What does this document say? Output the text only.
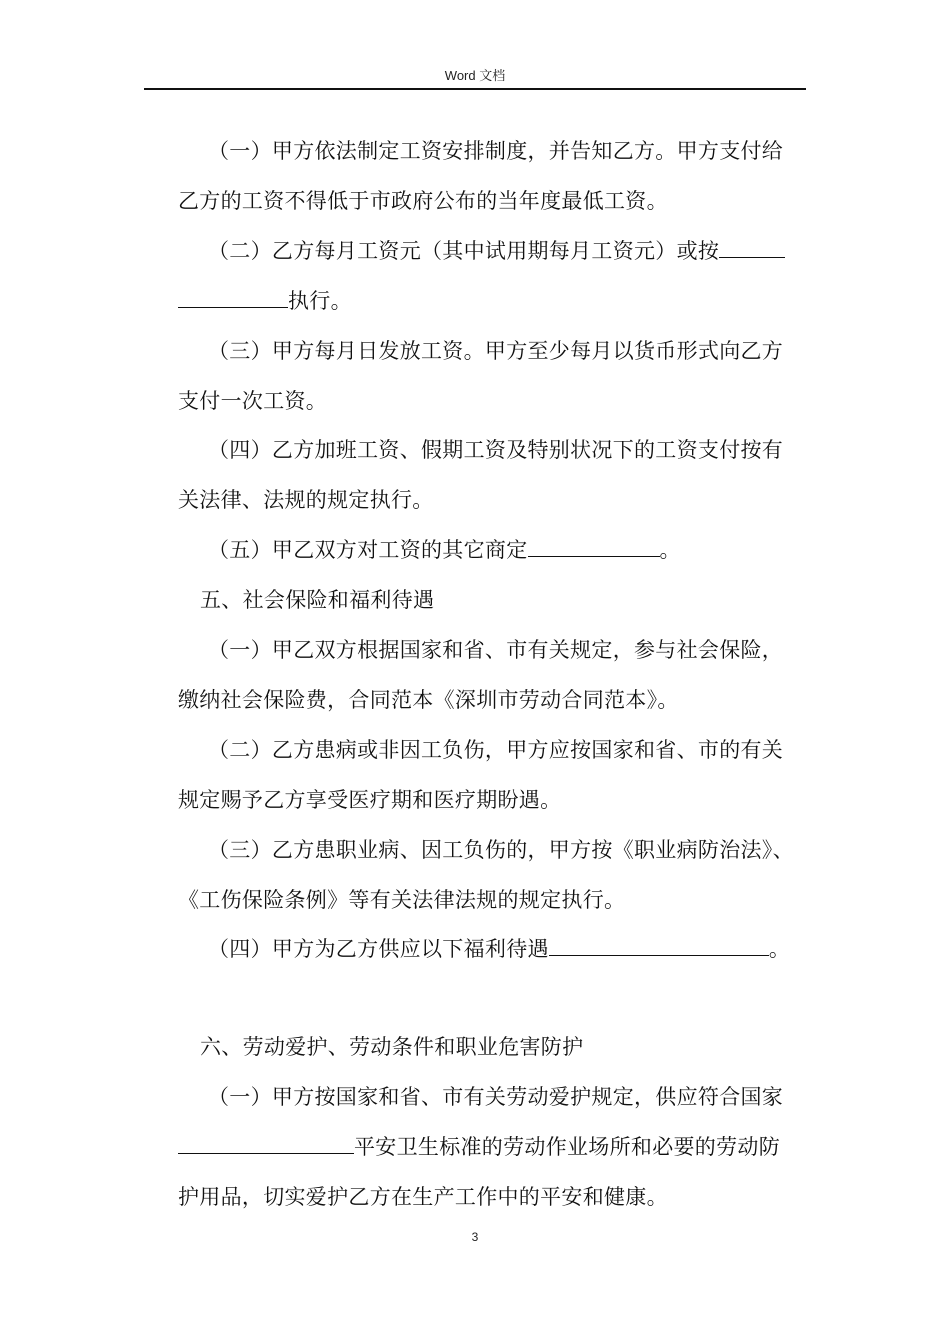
Word 文档
（一）甲方依法制定工资安排制度，并告知乙方。甲方支付给
乙方的工资不得低于市政府公布的当年度最低工资。
（二）乙方每月工资元（其中试用期每月工资元）或按
执行。
（三）甲方每月日发放工资。甲方至少每月以货币形式向乙方
支付一次工资。
（四）乙方加班工资、假期工资及特别状况下的工资支付按有
关法律、法规的规定执行。
（五）甲乙双方对工资的其它商定	。
五、社会保险和福利待遇
（一）甲乙双方根据国家和省、市有关规定，参与社会保险，
缴纳社会保险费，合同范本《深圳市劳动合同范本》。
（二）乙方患病或非因工负伤，甲方应按国家和省、市的有关
规定赐予乙方享受医疗期和医疗期盼遇。
（三）乙方患职业病、因工负伤的，甲方按《职业病防治法》、
《工伤保险条例》等有关法律法规的规定执行。
（四）甲方为乙方供应以下福利待遇	。
六、劳动爱护、劳动条件和职业危害防护
（一）甲方按国家和省、市有关劳动爱护规定，供应符合国家
平安卫生标准的劳动作业场所和必要的劳动防
护用品，切实爱护乙方在生产工作中的平安和健康。
3
